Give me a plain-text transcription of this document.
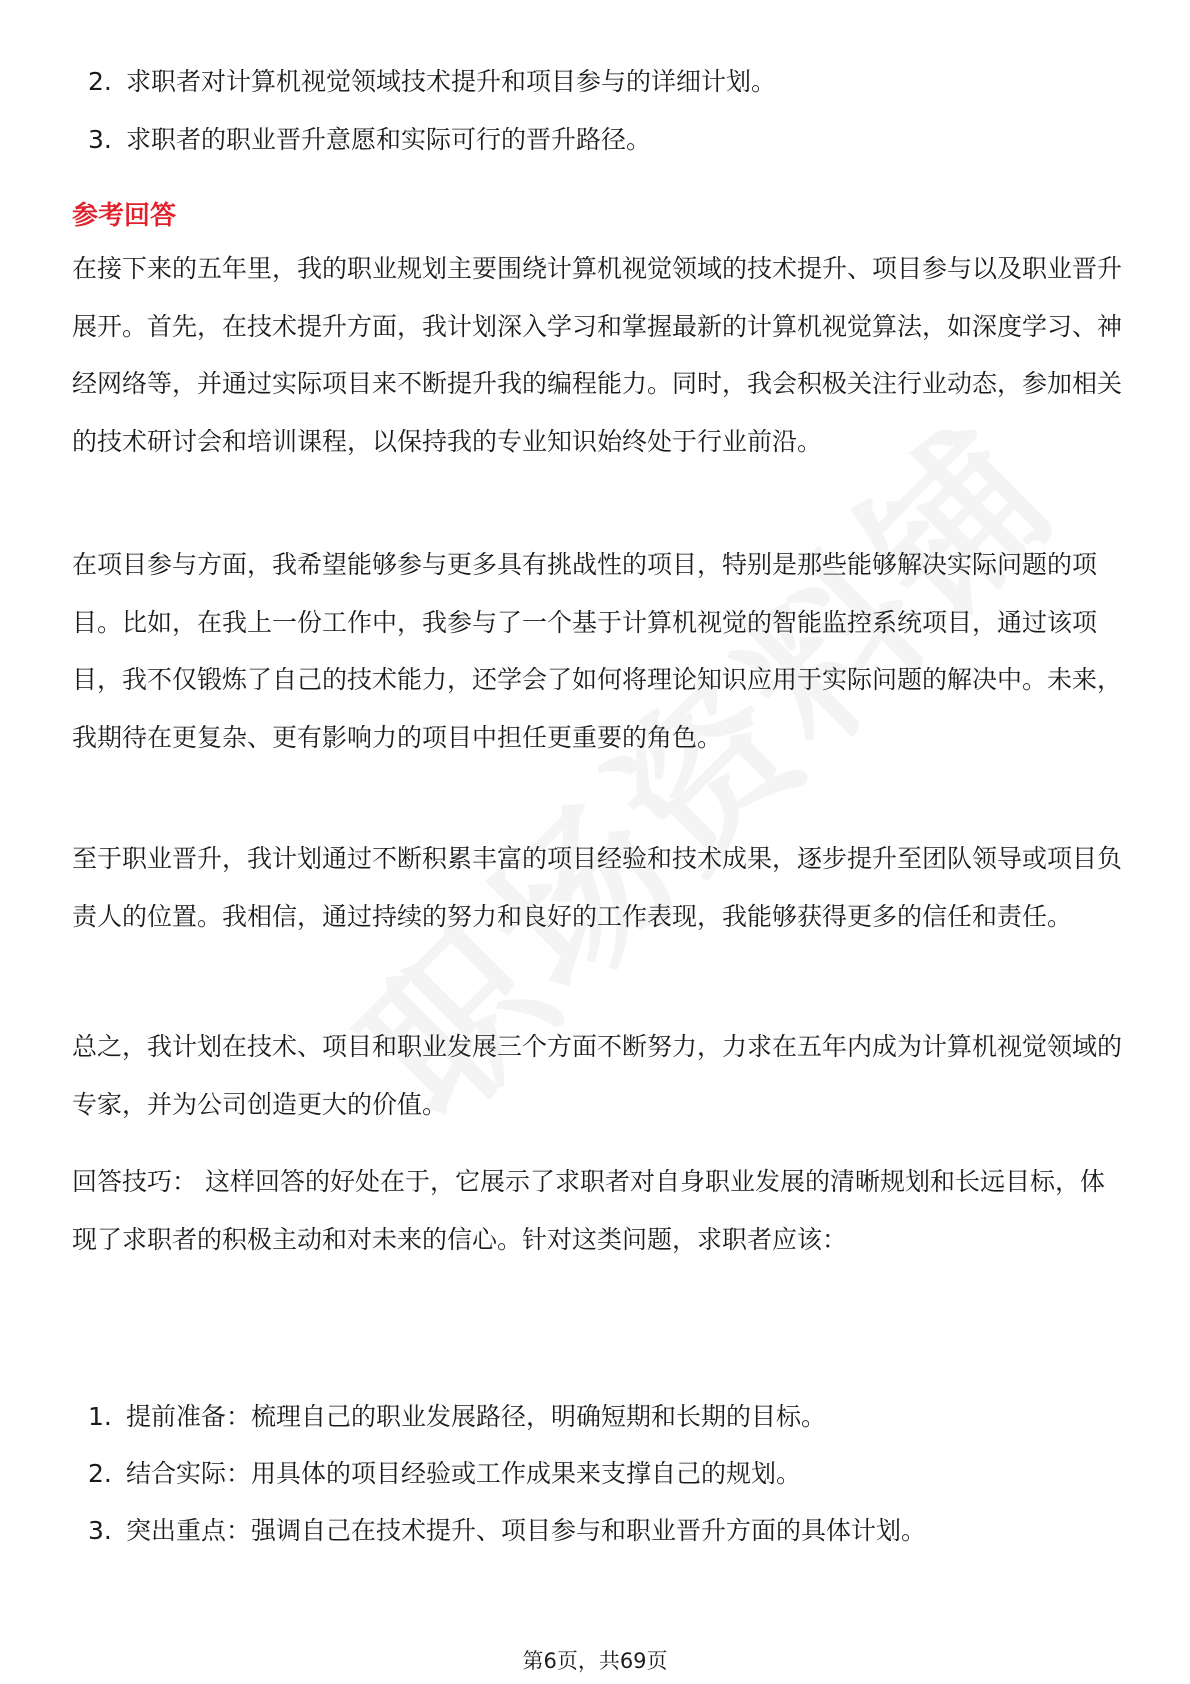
2. 求职者对计算机视觉领域技术提升和项目参与的详细计划。
3. 求职者的职业晋升意愿和实际可行的晋升路径。
参考回答

在接下来的五年里，我的职业规划主要围绕计算机视觉领域的技术提升、项目参与以及职业晋升展开。首先，在技术提升方面，我计划深入学习和掌握最新的计算机视觉算法，如深度学习、神经网络等，并通过实际项目来不断提升我的编程能力。同时，我会积极关注行业动态，参加相关的技术研讨会和培训课程，以保持我的专业知识始终处于行业前沿。

在项目参与方面，我希望能够参与更多具有挑战性的项目，特别是那些能够解决实际问题的项目。比如，在我上一份工作中，我参与了一个基于计算机视觉的智能监控系统项目，通过该项目，我不仅锻炼了自己的技术能力，还学会了如何将理论知识应用于实际问题的解决中。未来，我期待在更复杂、更有影响力的项目中担任更重要的角色。

至于职业晋升，我计划通过不断积累丰富的项目经验和技术成果，逐步提升至团队领导或项目负责人的位置。我相信，通过持续的努力和良好的工作表现，我能够获得更多的信任和责任。

总之，我计划在技术、项目和职业发展三个方面不断努力，力求在五年内成为计算机视觉领域的专家，并为公司创造更大的价值。

回答技巧： 这样回答的好处在于，它展示了求职者对自身职业发展的清晰规划和长远目标，体现了求职者的积极主动和对未来的信心。针对这类问题，求职者应该：

1. 提前准备：梳理自己的职业发展路径，明确短期和长期的目标。
2. 结合实际：用具体的项目经验或工作成果来支撑自己的规划。
3. 突出重点：强调自己在技术提升、项目参与和职业晋升方面的具体计划。
第6页，共69页
